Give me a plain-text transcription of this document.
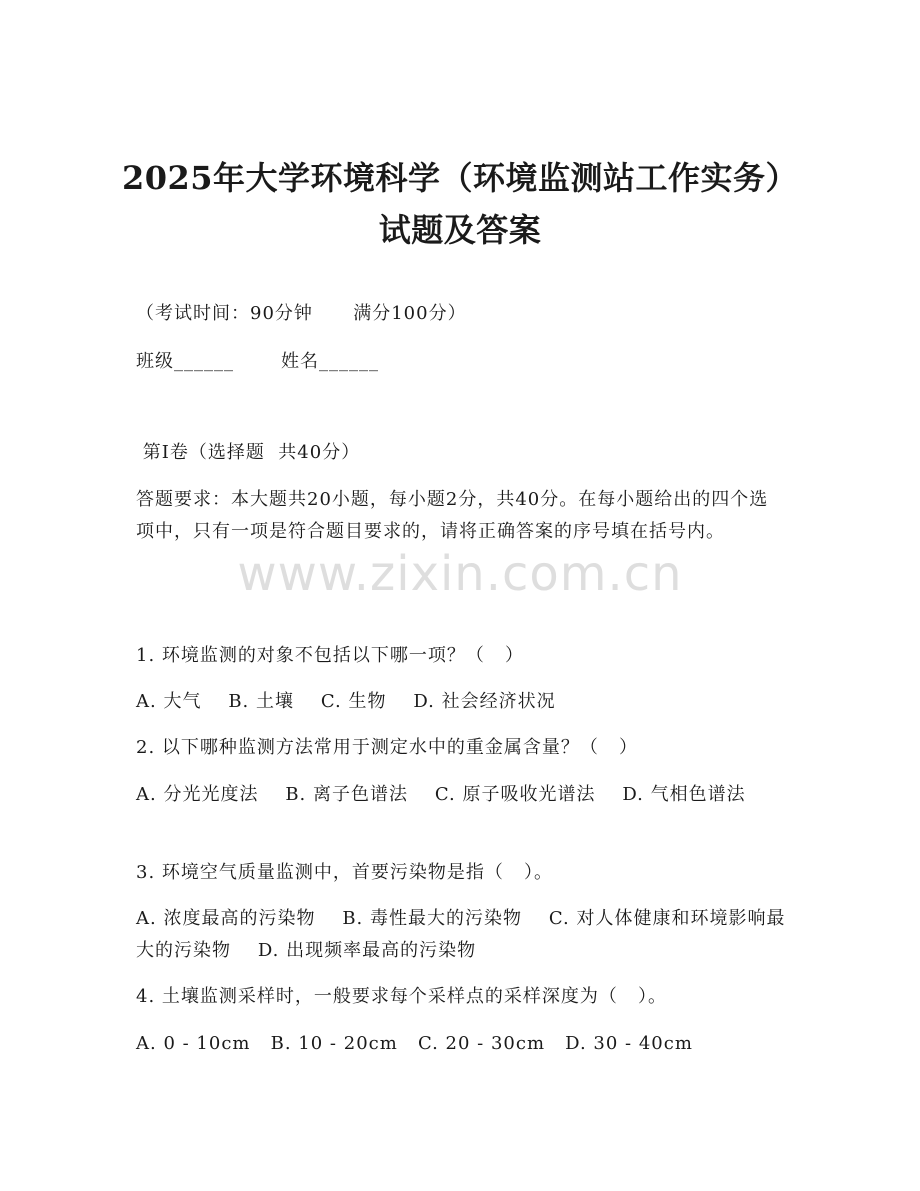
2025年大学环境科学（环境监测站工作实务）试题及答案
（考试时间：90分钟      满分100分）
班级______       姓名______
第I卷（选择题  共40分）
答题要求：本大题共20小题，每小题2分，共40分。在每小题给出的四个选项中，只有一项是符合题目要求的，请将正确答案的序号填在括号内。
1. 环境监测的对象不包括以下哪一项？（   ）
A. 大气    B. 土壤    C. 生物    D. 社会经济状况
2. 以下哪种监测方法常用于测定水中的重金属含量？（   ）
A. 分光光度法    B. 离子色谱法    C. 原子吸收光谱法    D. 气相色谱法
3. 环境空气质量监测中，首要污染物是指（   ）。
A. 浓度最高的污染物    B. 毒性最大的污染物    C. 对人体健康和环境影响最大的污染物    D. 出现频率最高的污染物
4. 土壤监测采样时，一般要求每个采样点的采样深度为（   ）。
A. 0 - 10cm   B. 10 - 20cm   C. 20 - 30cm   D. 30 - 40cm
www.zixin.com.cn
